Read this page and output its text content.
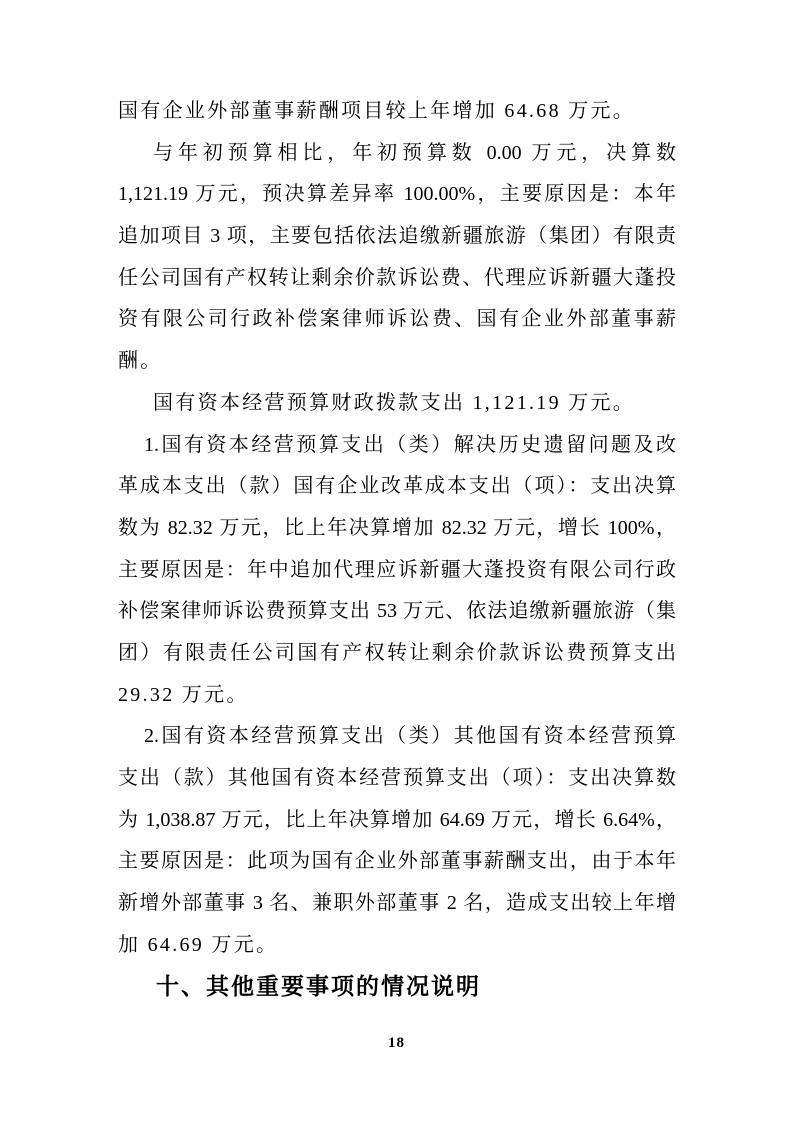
国有企业外部董事薪酬项目较上年增加 64.68 万元。
与年初预算相比，年初预算数 0.00 万元，决算数
1,121.19 万元，预决算差异率 100.00%，主要原因是：本年
追加项目 3 项，主要包括依法追缴新疆旅游（集团）有限责
任公司国有产权转让剩余价款诉讼费、代理应诉新疆大蓬投
资有限公司行政补偿案律师诉讼费、国有企业外部董事薪
酬。
国有资本经营预算财政拨款支出 1,121.19 万元。
1.国有资本经营预算支出（类）解决历史遗留问题及改
革成本支出（款）国有企业改革成本支出（项）：支出决算
数为 82.32 万元，比上年决算增加 82.32 万元，增长 100%，
主要原因是：年中追加代理应诉新疆大蓬投资有限公司行政
补偿案律师诉讼费预算支出 53 万元、依法追缴新疆旅游（集
团）有限责任公司国有产权转让剩余价款诉讼费预算支出
29.32 万元。
2.国有资本经营预算支出（类）其他国有资本经营预算
支出（款）其他国有资本经营预算支出（项）：支出决算数
为 1,038.87 万元，比上年决算增加 64.69 万元，增长 6.64%，
主要原因是：此项为国有企业外部董事薪酬支出，由于本年
新增外部董事 3 名、兼职外部董事 2 名，造成支出较上年增
加 64.69 万元。
十、其他重要事项的情况说明
18
